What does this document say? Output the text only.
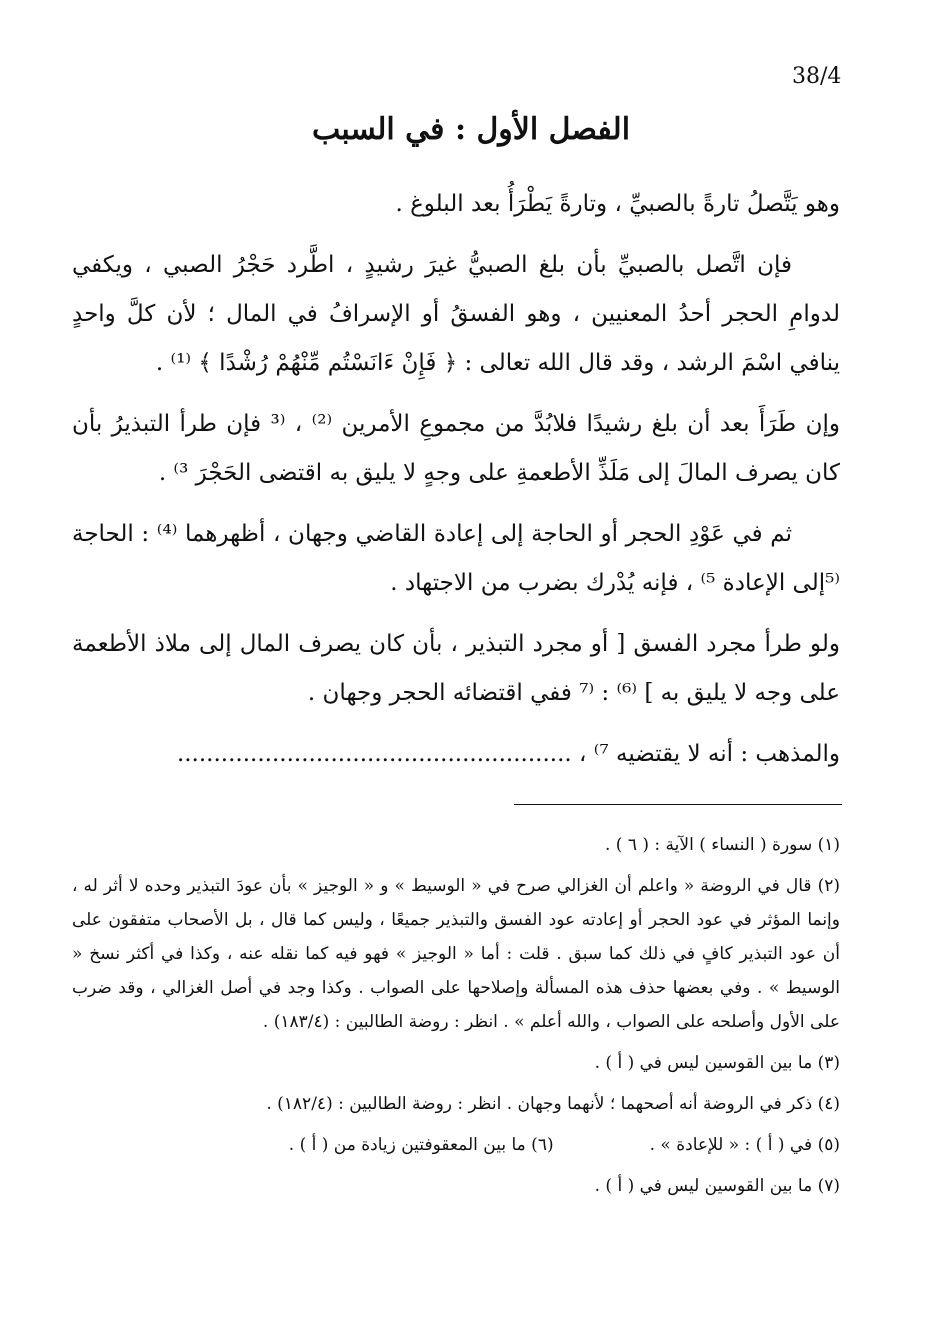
38/4
الفصل الأول : في السبب

وهو يَتَّصلُ تارةً بالصبيِّ ، وتارةً يَطْرَأُ بعد البلوغ .

فإن اتَّصل بالصبيِّ بأن بلغ الصبيُّ غيرَ رشيدٍ ، اطَّرد حَجْرُ الصبي ، ويكفي لدوامِ الحجر أحدُ المعنيين ، وهو الفسقُ أو الإسرافُ في المال ؛ لأن كلَّ واحدٍ ينافي اسْمَ الرشد ، وقد قال الله تعالى : ﴿ فَإِنْ ءَانَسْتُم مِّنْهُمْ رُشْدًا ﴾ ⁽¹⁾ .

وإن طَرَأَ بعد أن بلغ رشيدًا فلابُدَّ من مجموعِ الأمرين ⁽²⁾ ، ⁽³ فإن طرأ التبذيرُ بأن كان يصرف المالَ إلى مَلَذِّ الأطعمةِ على وجهٍ لا يليق به اقتضى الحَجْرَ ³⁾ .

ثم في عَوْدِ الحجر أو الحاجة إلى إعادة القاضي وجهان ، أظهرهما ⁽⁴⁾ : الحاجة ⁽⁵إلى الإعادة ⁵⁾ ، فإنه يُدْرك بضرب من الاجتهاد .

ولو طرأ مجرد الفسق [ أو مجرد التبذير ، بأن كان يصرف المال إلى ملاذ الأطعمة على وجه لا يليق به ] ⁽⁶⁾ : ⁽⁷ ففي اقتضائه الحجر وجهان .

والمذهب : أنه لا يقتضيه ⁷⁾ ، ......................................................

(١) سورة ( النساء ) الآية : ( ٦ ) .

(٢) قال في الروضة « واعلم أن الغزالي صرح في « الوسيط » و « الوجيز » بأن عودَ التبذير وحده لا أثر له ، وإنما المؤثر في عود الحجر أو إعادته عود الفسق والتبذير جميعًا ، وليس كما قال ، بل الأصحاب متفقون على أن عود التبذير كافٍ في ذلك كما سبق . قلت : أما « الوجيز » فهو فيه كما نقله عنه ، وكذا في أكثر نسخ « الوسيط » . وفي بعضها حذف هذه المسألة وإصلاحها على الصواب . وكذا وجد في أصل الغزالي ، وقد ضرب على الأول وأصلحه على الصواب ، والله أعلم » . انظر : روضة الطالبين : (١٨٣/٤) .

(٣) ما بين القوسين ليس في ( أ ) .

(٤) ذكر في الروضة أنه أصحهما ؛ لأنهما وجهان . انظر : روضة الطالبين : (١٨٢/٤) .

(٥) في ( أ ) : « للإعادة » .
(٦) ما بين المعقوفتين زيادة من ( أ ) .

(٧) ما بين القوسين ليس في ( أ ) .
